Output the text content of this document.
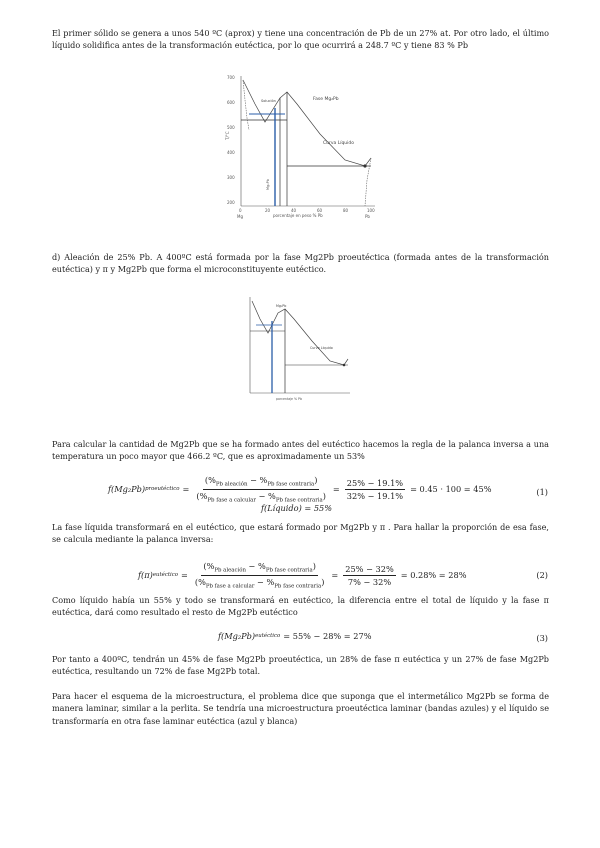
El primer sólido se genera a unos 540 ºC (aprox) y tiene una concentración de Pb de un 27% at. Por otro lado, el último líquido solidifica antes de la transformación eutéctica, por lo que ocurrirá a 248.7 ºC y tiene 83 % Pb

700
600
500
400
300
200
T/°C
0	20	40	60	80	100
Mg	Pb
porcentaje en peso % Pb
Fase Mg₂Pb
Solución
Mg₂Pb
Curva Líquido

d) Aleación de 25% Pb. A 400ºC está formada por la fase Mg2Pb proeutéctica (formada antes de la transformación eutéctica) y π y Mg2Pb que forma el microconstituyente eutéctico.

Mg₂Pb
Curva Líquido
porcentaje % Pb

Para calcular la cantidad de Mg2Pb que se ha formado antes del eutéctico hacemos la regla de la palanca inversa a una temperatura un poco mayor que 466.2 ºC, que es aproximadamente un 53%

f(Mg₂Pb) proeutéctico = $\frac{(\%_{Pb aleación} - \%_{Pb fase contraria})}{(\%_{Pb fase a calcular} - \%_{Pb fase contraria})} = \frac{25\% - 19.1\%}{32\% - 19.1\%} = 0.45 \cdot 100 = 45\%$	(1)
f(Líquido) = 55%

La fase líquida transformará en el eutéctico, que estará formado por Mg2Pb y π . Para hallar la proporción de esa fase, se calcula mediante la palanca inversa:

f(π) eutéctico = $\frac{(\%_{Pb aleación} - \%_{Pb fase contraria})}{(\%_{Pb fase a calcular} - \%_{Pb fase contraria})} = \frac{25\% - 32\%}{7\% - 32\%} = 0.28\% = 28\%$	(2)

Como líquido había un 55% y todo se transformará en eutéctico, la diferencia entre el total de líquido y la fase π eutéctica, dará como resultado el resto de Mg2Pb eutéctico

f(Mg₂Pb) eutéctico = 55% − 28% = 27%	(3)

Por tanto a 400ºC, tendrán un 45% de fase Mg2Pb proeutéctica, un 28% de fase π eutéctica y un 27% de fase Mg2Pb eutéctica, resultando un 72% de fase Mg2Pb total.

Para hacer el esquema de la microestructura, el problema dice que suponga que el intermetálico Mg2Pb se forma de manera laminar, similar a la perlita. Se tendría una microestructura proeutéctica laminar (bandas azules) y el líquido se transformaría en otra fase laminar eutéctica (azul y blanca)
